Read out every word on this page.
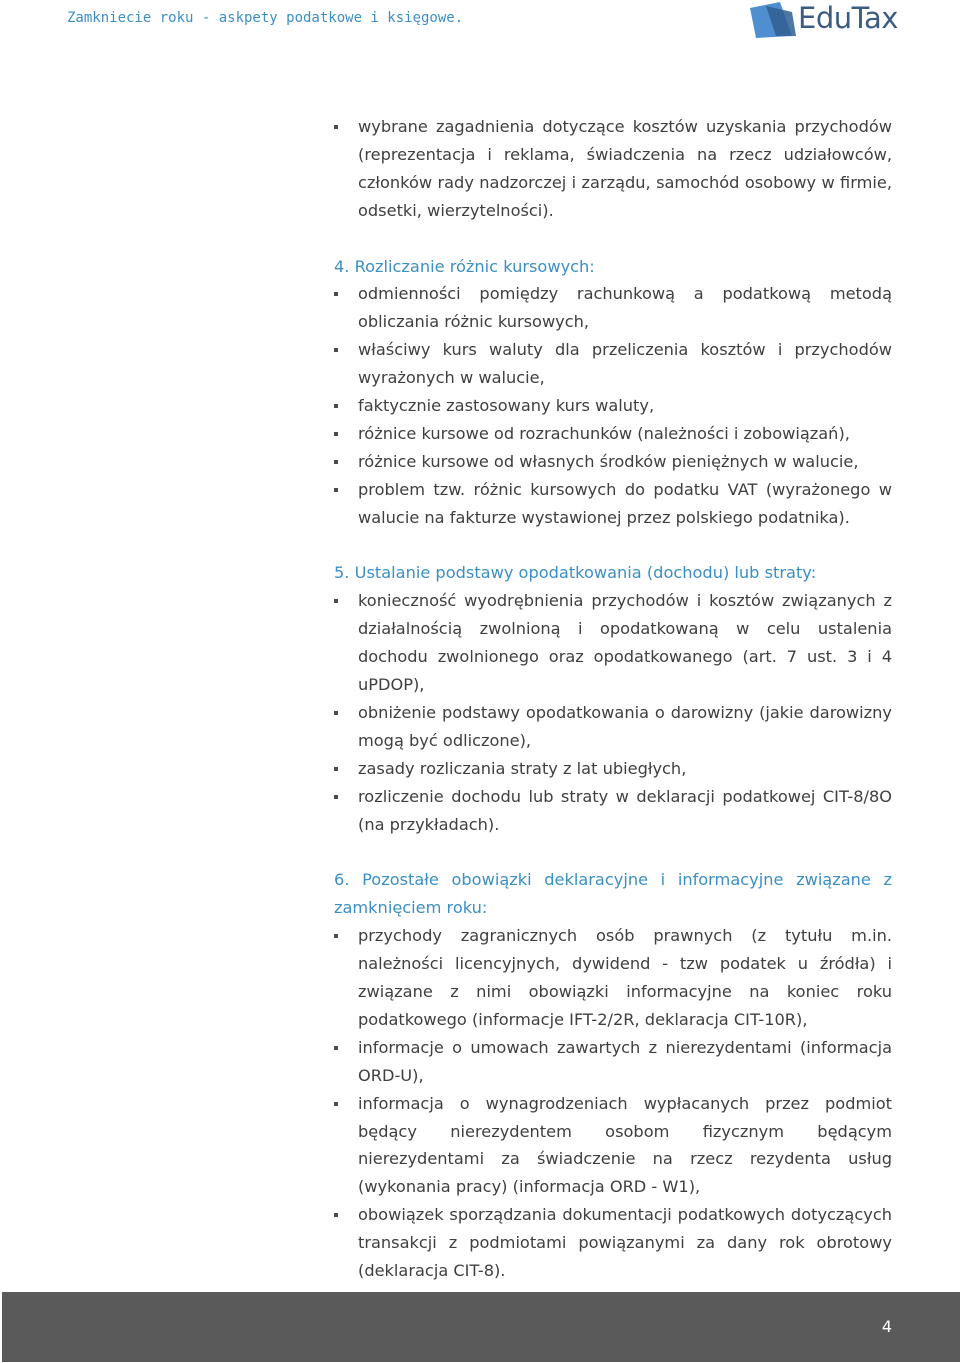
Zamkniecie roku - askpety podatkowe i księgowe.	EduTax
wybrane zagadnienia dotyczące kosztów uzyskania przychodów (reprezentacja i reklama, świadczenia na rzecz udziałowców, członków rady nadzorczej i zarządu, samochód osobowy w firmie, odsetki, wierzytelności).
4. Rozliczanie różnic kursowych:
odmienności pomiędzy rachunkową a podatkową metodą obliczania różnic kursowych,
właściwy kurs waluty dla przeliczenia kosztów i przychodów wyrażonych w walucie,
faktycznie zastosowany kurs waluty,
różnice kursowe od rozrachunków (należności i zobowiązań),
różnice kursowe od własnych środków pieniężnych w walucie,
problem tzw. różnic kursowych do podatku VAT (wyrażonego w walucie na fakturze wystawionej przez polskiego podatnika).
5. Ustalanie podstawy opodatkowania (dochodu) lub straty:
konieczność wyodrębnienia przychodów i kosztów związanych z działalnością zwolnioną i opodatkowaną w celu ustalenia dochodu zwolnionego oraz opodatkowanego (art. 7 ust. 3 i 4 uPDOP),
obniżenie podstawy opodatkowania o darowizny (jakie darowizny mogą być odliczone),
zasady rozliczania straty z lat ubiegłych,
rozliczenie dochodu lub straty w deklaracji podatkowej CIT-8/8O (na przykładach).
6. Pozostałe obowiązki deklaracyjne i informacyjne związane z zamknięciem roku:
przychody zagranicznych osób prawnych (z tytułu m.in. należności licencyjnych, dywidend - tzw podatek u źródła) i związane z nimi obowiązki informacyjne na koniec roku podatkowego (informacje IFT-2/2R, deklaracja CIT-10R),
informacje o umowach zawartych z nierezydentami (informacja ORD-U),
informacja o wynagrodzeniach wypłacanych przez podmiot będący nierezydentem osobom fizycznym będącym nierezydentami za świadczenie na rzecz rezydenta usług (wykonania pracy) (informacja ORD - W1),
obowiązek sporządzania dokumentacji podatkowych dotyczących transakcji z podmiotami powiązanymi za dany rok obrotowy (deklaracja CIT-8).
4
